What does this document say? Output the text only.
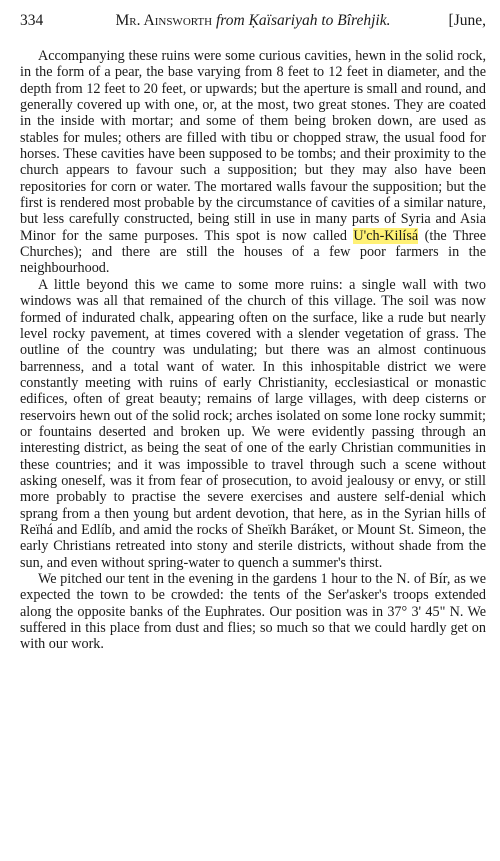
334	Mr. Ainsworth from Ḳaïsariyah to Bîrehjik.	[June,

Accompanying these ruins were some curious cavities, hewn in the solid rock, in the form of a pear, the base varying from 8 feet to 12 feet in diameter, and the depth from 12 feet to 20 feet, or upwards; but the aperture is small and round, and generally covered up with one, or, at the most, two great stones. They are coated in the inside with mortar; and some of them being broken down, are used as stables for mules; others are filled with tibu or chopped straw, the usual food for horses. These cavities have been supposed to be tombs; and their proximity to the church appears to favour such a supposition; but they may also have been repositories for corn or water. The mortared walls favour the supposition; but the first is rendered most probable by the circumstance of cavities of a similar nature, but less carefully constructed, being still in use in many parts of Syria and Asia Minor for the same purposes. This spot is now called U'ch-Kilísá (the Three Churches); and there are still the houses of a few poor farmers in the neighbourhood.

A little beyond this we came to some more ruins: a single wall with two windows was all that remained of the church of this village. The soil was now formed of indurated chalk, appearing often on the surface, like a rude but nearly level rocky pavement, at times covered with a slender vegetation of grass. The outline of the country was undulating; but there was an almost continuous barrenness, and a total want of water. In this inhospitable district we were constantly meeting with ruins of early Christianity, ecclesiastical or monastic edifices, often of great beauty; remains of large villages, with deep cisterns or reservoirs hewn out of the solid rock; arches isolated on some lone rocky summit; or fountains deserted and broken up. We were evidently passing through an interesting district, as being the seat of one of the early Christian communities in these countries; and it was impossible to travel through such a scene without asking oneself, was it from fear of prosecution, to avoid jealousy or envy, or still more probably to practise the severe exercises and austere self-denial which sprang from a then young but ardent devotion, that here, as in the Syrian hills of Reïhá and Edlíb, and amid the rocks of Sheïkh Baráket, or Mount St. Simeon, the early Christians retreated into stony and sterile districts, without shade from the sun, and even without spring-water to quench a summer's thirst.

We pitched our tent in the evening in the gardens 1 hour to the N. of Bír, as we expected the town to be crowded: the tents of the Ser'asker's troops extended along the opposite banks of the Euphrates. Our position was in 37° 3' 45" N. We suffered in this place from dust and flies; so much so that we could hardly get on with our work.
